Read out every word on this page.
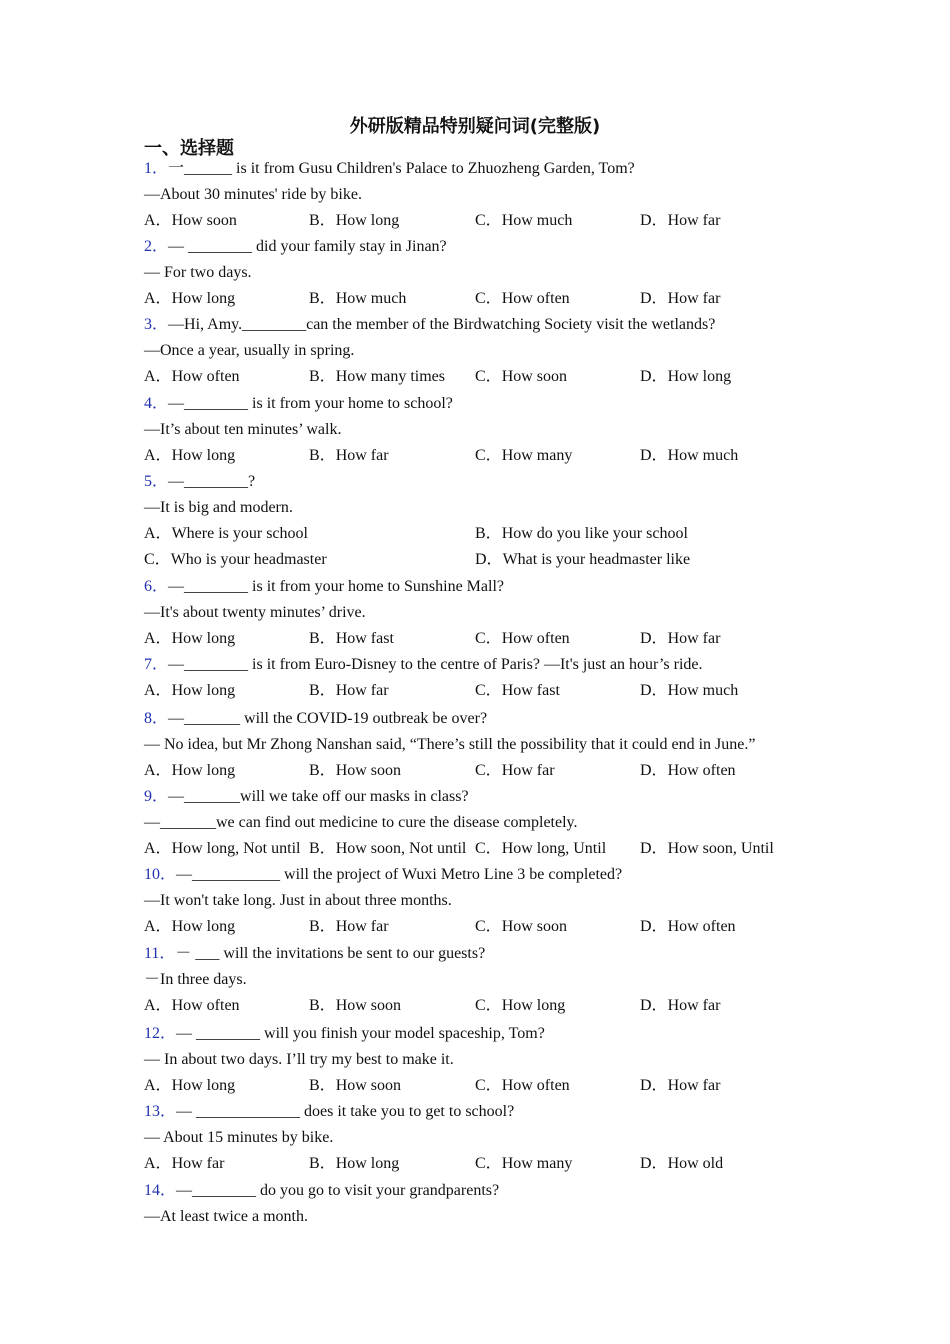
外研版精品特别疑问词(完整版)
一、选择题
1．一______ is it from Gusu Children's Palace to Zhuozheng Garden, Tom?
—About 30 minutes' ride by bike.
A．How soon	B．How long	C．How much	D．How far
2．— ________ did your family stay in Jinan?
— For two days.
A．How long	B．How much	C．How often	D．How far
3．—Hi, Amy.________can the member of the Birdwatching Society visit the wetlands?
—Once a year, usually in spring.
A．How often	B．How many times C．How soon	D．How long
4．—________ is it from your home to school?
—It’s about ten minutes’ walk.
A．How long	B．How far	C．How many	D．How much
5．—________?
—It is big and modern.
A．Where is your school	B．How do you like your school
C．Who is your headmaster	D．What is your headmaster like
6．—________ is it from your home to Sunshine Mall?
—It's about twenty minutes’ drive.
A．How long	B．How fast	C．How often	D．How far
7．—________ is it from Euro-Disney to the centre of Paris? —It's just an hour’s ride.
A．How long	B．How far	C．How fast	D．How much
8．—_______ will the COVID-19 outbreak be over?
— No idea, but Mr Zhong Nanshan said, “There’s still the possibility that it could end in June.”
A．How long	B．How soon	C．How far	D．How often
9．—_______will we take off our masks in class?
—_______we can find out medicine to cure the disease completely.
A．How long, Not until B．How soon, Not until C．How long, Until D．How soon, Until
10．—___________ will the project of Wuxi Metro Line 3 be completed?
—It won't take long. Just in about three months.
A．How long	B．How far	C．How soon	D．How often
11．－ ___ will the invitations be sent to our guests?
－In three days.
A．How often	B．How soon	C．How long	D．How far
12．— ________ will you finish your model spaceship, Tom?
— In about two days. I’ll try my best to make it.
A．How long	B．How soon	C．How often	D．How far
13．— _____________ does it take you to get to school?
— About 15 minutes by bike.
A．How far	B．How long	C．How many	D．How old
14．—________ do you go to visit your grandparents?
—At least twice a month.
